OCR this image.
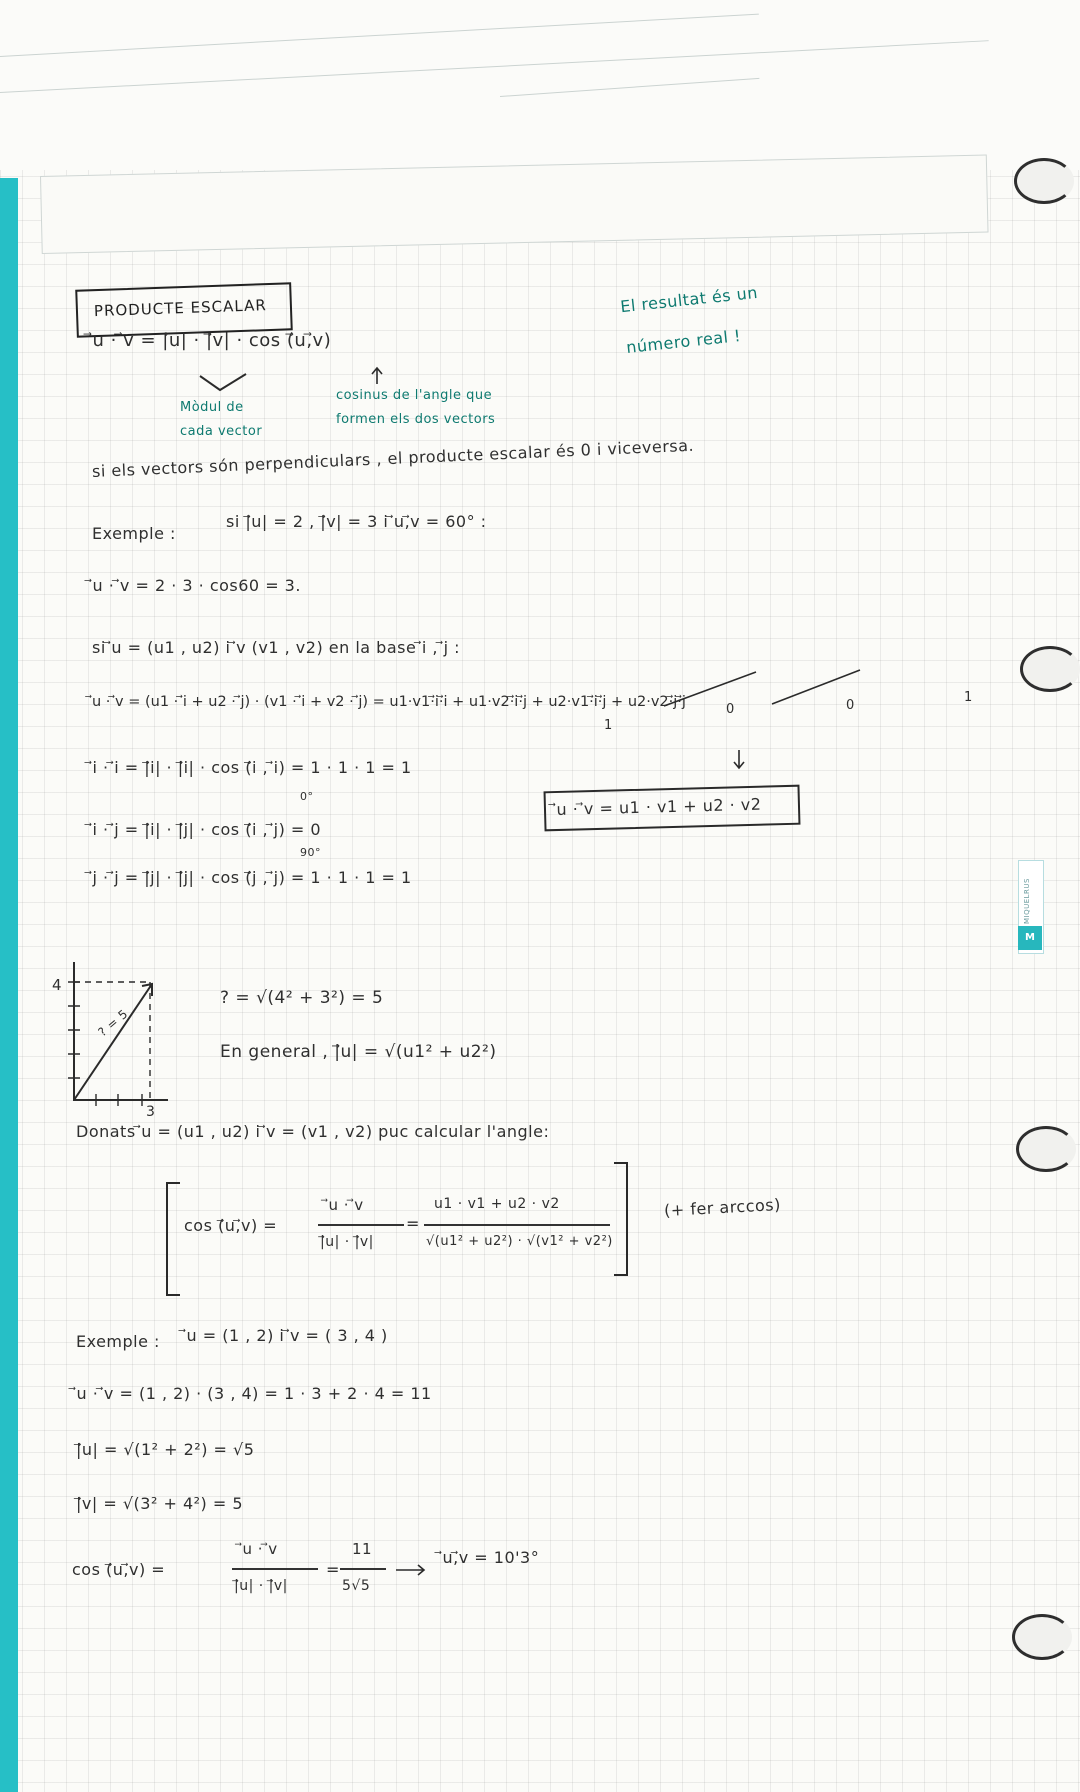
MIQUELRUS
M
PRODUCTE ESCALAR
⃗u · ⃗v = |⃗u| · |⃗v| · cos (⃗u,⃗v)
Mòdul de
cada vector
cosinus de l'angle que
formen els dos vectors
El resultat és un
número real !
si els vectors són perpendiculars , el producte escalar és 0 i viceversa.
Exemple :
si |⃗u| = 2 , |⃗v| = 3 i ⃗u,⃗v = 60° :
⃗u · ⃗v = 2 · 3 · cos60 = 3.
si ⃗u = (u1 , u2) i ⃗v (v1 , v2) en la base ⃗i , ⃗j :
⃗u · ⃗v = (u1 · ⃗i + u2 · ⃗j) · (v1 · ⃗i + v2 · ⃗j) = u1·v1·⃗i·⃗i + u1·v2·⃗i·⃗j + u2·v1·⃗i·⃗j + u2·v2·⃗j·⃗j
1
0	0
1
⃗i · ⃗i = |⃗i| · |⃗i| · cos (⃗i , ⃗i) = 1 · 1 · 1 = 1
0°
⃗i · ⃗j = |⃗i| · |⃗j| · cos (⃗i , ⃗j) = 0
90°
⃗j · ⃗j = |⃗j| · |⃗j| · cos (⃗j , ⃗j) = 1 · 1 · 1 = 1
⃗u · ⃗v = u1 · v1 + u2 · v2
4
3
? = 5
? = √(4² + 3²) = 5
En general , |⃗u| = √(u1² + u2²)
Donats ⃗u = (u1 , u2) i ⃗v = (v1 , v2) puc calcular l'angle:
cos (⃗u,⃗v) =
⃗u · ⃗v
|⃗u| · |⃗v|
=
u1 · v1 + u2 · v2
√(u1² + u2²) · √(v1² + v2²)
(+ fer arccos)
Exemple : ⃗u = (1 , 2) i ⃗v = ( 3 , 4 )
⃗u · ⃗v = (1 , 2) · (3 , 4) = 1 · 3 + 2 · 4 = 11
|⃗u| = √(1² + 2²) = √5
|⃗v| = √(3² + 4²) = 5
cos (⃗u,⃗v) =
⃗u · ⃗v
|⃗u| · |⃗v|
=
11
5√5
⃗u,⃗v = 10'3°
